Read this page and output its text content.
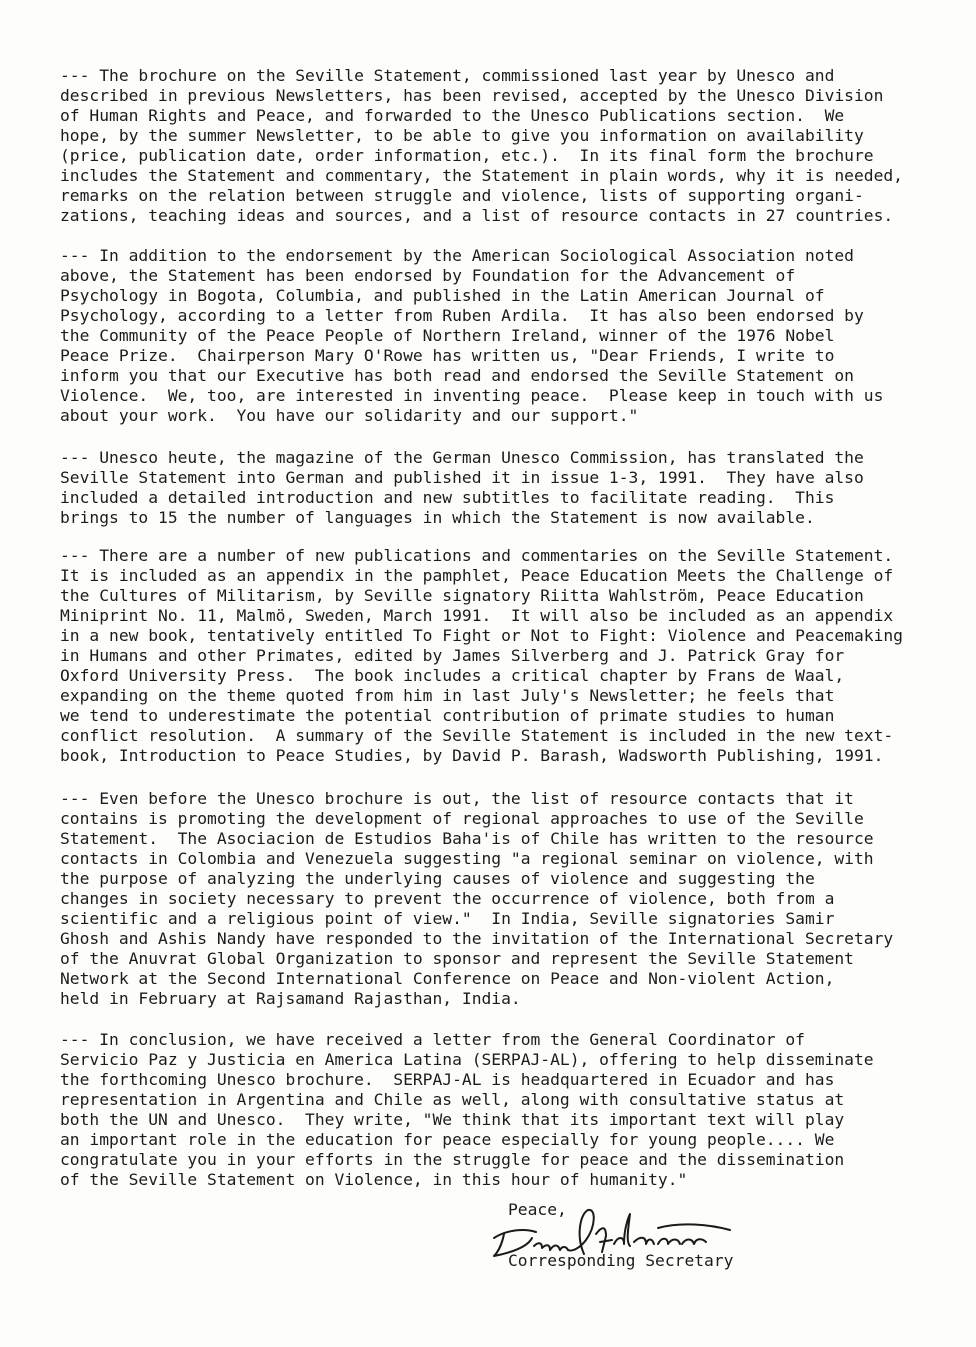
--- The brochure on the Seville Statement, commissioned last year by Unesco and
described in previous Newsletters, has been revised, accepted by the Unesco Division
of Human Rights and Peace, and forwarded to the Unesco Publications section.  We
hope, by the summer Newsletter, to be able to give you information on availability
(price, publication date, order information, etc.).  In its final form the brochure
includes the Statement and commentary, the Statement in plain words, why it is needed,
remarks on the relation between struggle and violence, lists of supporting organi-
zations, teaching ideas and sources, and a list of resource contacts in 27 countries.
--- In addition to the endorsement by the American Sociological Association noted
above, the Statement has been endorsed by Foundation for the Advancement of
Psychology in Bogota, Columbia, and published in the Latin American Journal of
Psychology, according to a letter from Ruben Ardila.  It has also been endorsed by
the Community of the Peace People of Northern Ireland, winner of the 1976 Nobel
Peace Prize.  Chairperson Mary O'Rowe has written us, "Dear Friends, I write to
inform you that our Executive has both read and endorsed the Seville Statement on
Violence.  We, too, are interested in inventing peace.  Please keep in touch with us
about your work.  You have our solidarity and our support."
--- Unesco heute, the magazine of the German Unesco Commission, has translated the
Seville Statement into German and published it in issue 1-3, 1991.  They have also
included a detailed introduction and new subtitles to facilitate reading.  This
brings to 15 the number of languages in which the Statement is now available.
--- There are a number of new publications and commentaries on the Seville Statement.
It is included as an appendix in the pamphlet, Peace Education Meets the Challenge of
the Cultures of Militarism, by Seville signatory Riitta Wahlström, Peace Education
Miniprint No. 11, Malmö, Sweden, March 1991.  It will also be included as an appendix
in a new book, tentatively entitled To Fight or Not to Fight: Violence and Peacemaking
in Humans and other Primates, edited by James Silverberg and J. Patrick Gray for
Oxford University Press.  The book includes a critical chapter by Frans de Waal,
expanding on the theme quoted from him in last July's Newsletter; he feels that
we tend to underestimate the potential contribution of primate studies to human
conflict resolution.  A summary of the Seville Statement is included in the new text-
book, Introduction to Peace Studies, by David P. Barash, Wadsworth Publishing, 1991.
--- Even before the Unesco brochure is out, the list of resource contacts that it
contains is promoting the development of regional approaches to use of the Seville
Statement.  The Asociacion de Estudios Baha'is of Chile has written to the resource
contacts in Colombia and Venezuela suggesting "a regional seminar on violence, with
the purpose of analyzing the underlying causes of violence and suggesting the
changes in society necessary to prevent the occurrence of violence, both from a
scientific and a religious point of view."  In India, Seville signatories Samir
Ghosh and Ashis Nandy have responded to the invitation of the International Secretary
of the Anuvrat Global Organization to sponsor and represent the Seville Statement
Network at the Second International Conference on Peace and Non-violent Action,
held in February at Rajsamand Rajasthan, India.
--- In conclusion, we have received a letter from the General Coordinator of
Servicio Paz y Justicia en America Latina (SERPAJ-AL), offering to help disseminate
the forthcoming Unesco brochure.  SERPAJ-AL is headquartered in Ecuador and has
representation in Argentina and Chile as well, along with consultative status at
both the UN and Unesco.  They write, "We think that its important text will play
an important role in the education for peace especially for young people.... We
congratulate you in your efforts in the struggle for peace and the dissemination
of the Seville Statement on Violence, in this hour of humanity."
Peace,
David Adams
Corresponding Secretary
